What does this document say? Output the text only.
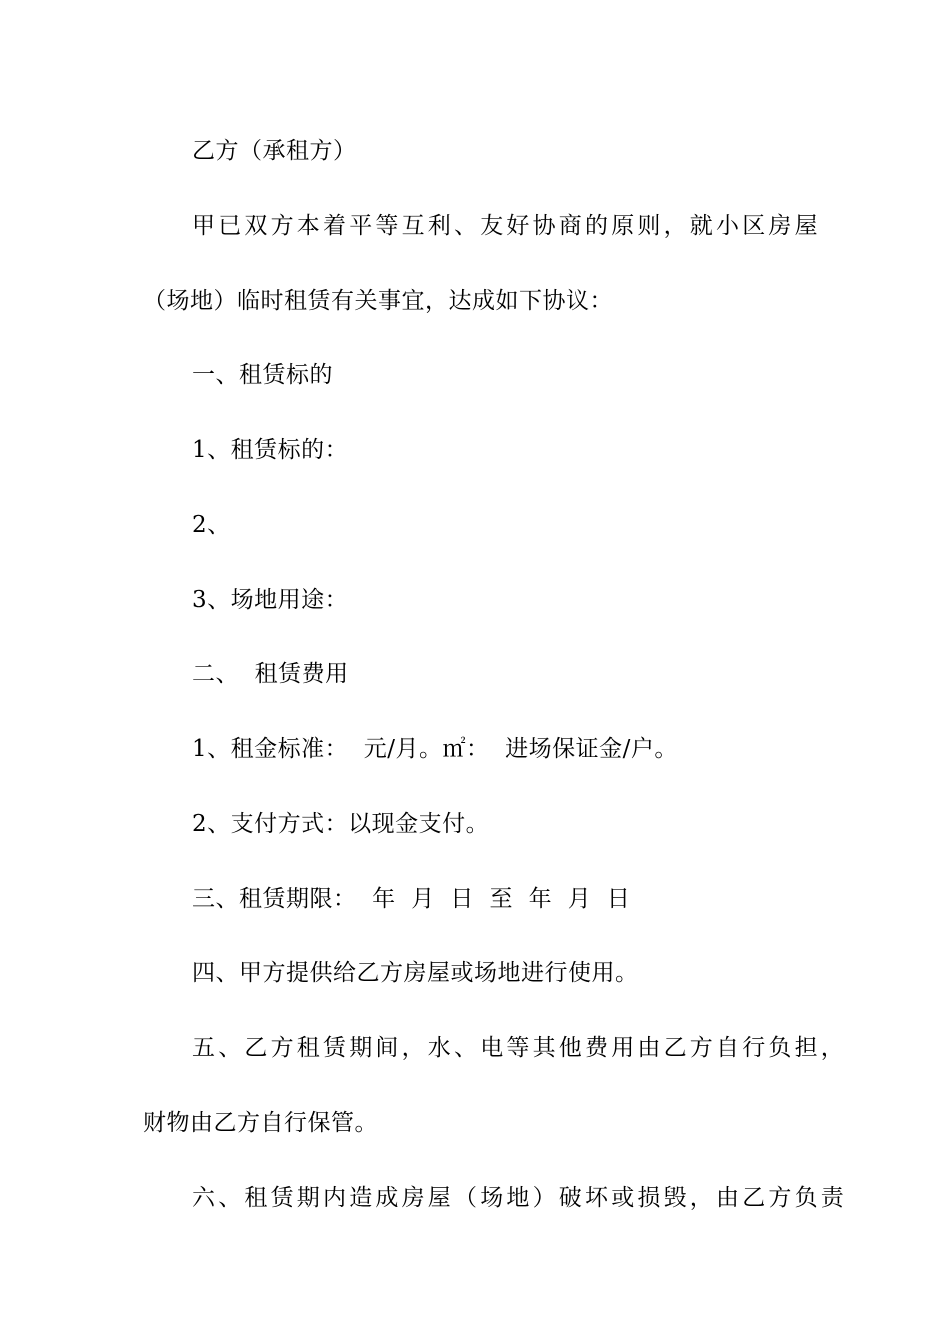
乙方（承租方）
甲已双方本着平等互利、友好协商的原则，就小区房屋
（场地）临时租赁有关事宜，达成如下协议：
一、租赁标的
1、租赁标的：
2、
3、场地用途：
二、  租赁费用
1、租金标准：  元/月。㎡：  进场保证金/户。
2、支付方式：以现金支付。
三、租赁期限：  年  月  日  至  年  月  日
四、甲方提供给乙方房屋或场地进行使用。
五、乙方租赁期间，水、电等其他费用由乙方自行负担，
财物由乙方自行保管。
六、租赁期内造成房屋（场地）破坏或损毁，由乙方负责
